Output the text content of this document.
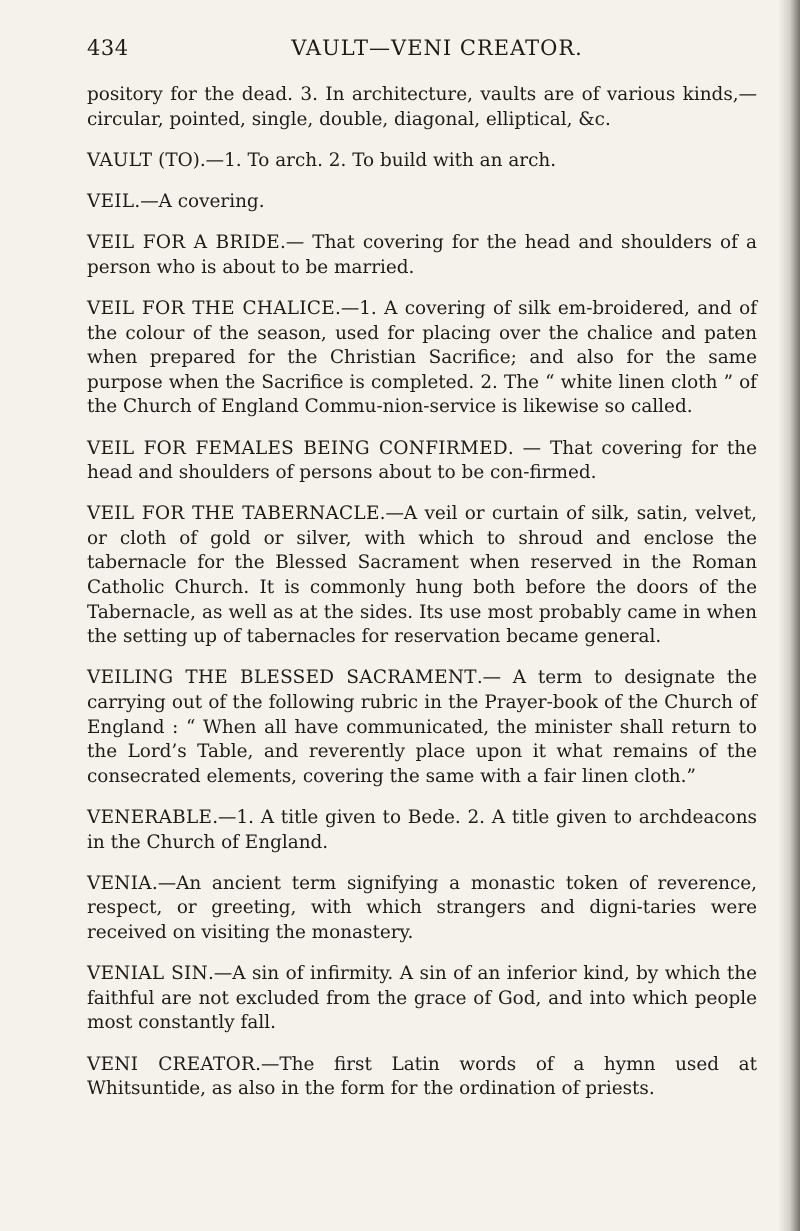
434	VAULT—VENI CREATOR.

pository for the dead. 3. In architecture, vaults are of various kinds,—circular, pointed, single, double, diagonal, elliptical, &c.

VAULT (TO).—1. To arch. 2. To build with an arch.

VEIL.—A covering.

VEIL FOR A BRIDE.— That covering for the head and shoulders of a person who is about to be married.

VEIL FOR THE CHALICE.—1. A covering of silk em-broidered, and of the colour of the season, used for placing over the chalice and paten when prepared for the Christian Sacrifice; and also for the same purpose when the Sacrifice is completed. 2. The “ white linen cloth ” of the Church of England Commu-nion-service is likewise so called.

VEIL FOR FEMALES BEING CONFIRMED. — That covering for the head and shoulders of persons about to be con-firmed.

VEIL FOR THE TABERNACLE.—A veil or curtain of silk, satin, velvet, or cloth of gold or silver, with which to shroud and enclose the tabernacle for the Blessed Sacrament when reserved in the Roman Catholic Church. It is commonly hung both before the doors of the Tabernacle, as well as at the sides. Its use most probably came in when the setting up of tabernacles for reservation became general.

VEILING THE BLESSED SACRAMENT.— A term to designate the carrying out of the following rubric in the Prayer-book of the Church of England : “ When all have communicated, the minister shall return to the Lord’s Table, and reverently place upon it what remains of the consecrated elements, covering the same with a fair linen cloth.”

VENERABLE.—1. A title given to Bede. 2. A title given to archdeacons in the Church of England.

VENIA.—An ancient term signifying a monastic token of reverence, respect, or greeting, with which strangers and digni-taries were received on visiting the monastery.

VENIAL SIN.—A sin of infirmity. A sin of an inferior kind, by which the faithful are not excluded from the grace of God, and into which people most constantly fall.

VENI CREATOR.—The first Latin words of a hymn used at Whitsuntide, as also in the form for the ordination of priests.
